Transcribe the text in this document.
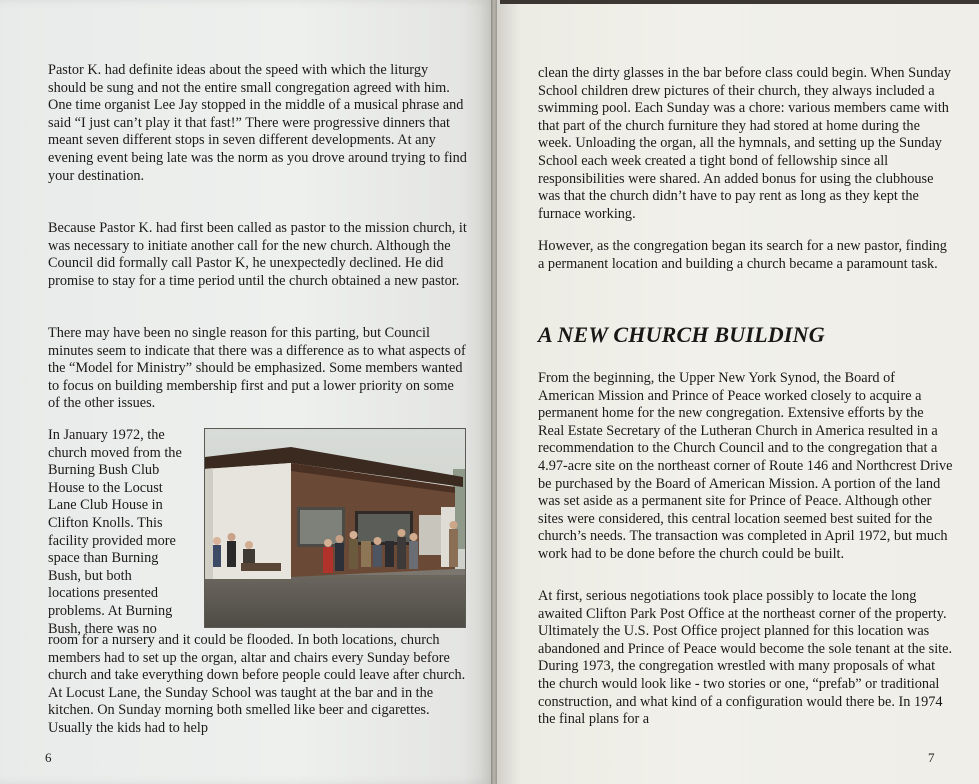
Pastor K. had definite ideas about the speed with which the liturgy should be sung and not the entire small congregation agreed with him. One time organist Lee Jay stopped in the middle of a musical phrase and said “I just can’t play it that fast!” There were progressive dinners that meant seven different stops in seven different developments. At any evening event being late was the norm as you drove around trying to find your destination.

Because Pastor K. had first been called as pastor to the mission church, it was necessary to initiate another call for the new church. Although the Council did formally call Pastor K, he unexpectedly declined. He did promise to stay for a time period until the church obtained a new pastor.

There may have been no single reason for this parting, but Council minutes seem to indicate that there was a difference as to what aspects of the “Model for Ministry” should be emphasized. Some members wanted to focus on building membership first and put a lower priority on some of the other issues.

In January 1972, the
church moved from the
Burning Bush Club
House to the Locust
Lane Club House in
Clifton Knolls. This
facility provided more
space than Burning
Bush, but both
locations presented
problems. At Burning
Bush, there was no

room for a nursery and it could be flooded. In both locations, church members had to set up the organ, altar and chairs every Sunday before church and take everything down before people could leave after church. At Locust Lane, the Sunday School was taught at the bar and in the kitchen. On Sunday morning both smelled like beer and cigarettes. Usually the kids had to help

6

clean the dirty glasses in the bar before class could begin. When Sunday School children drew pictures of their church, they always included a swimming pool. Each Sunday was a chore: various members came with that part of the church furniture they had stored at home during the week. Unloading the organ, all the hymnals, and setting up the Sunday School each week created a tight bond of fellowship since all responsibilities were shared. An added bonus for using the clubhouse was that the church didn’t have to pay rent as long as they kept the furnace working.

However, as the congregation began its search for a new pastor, finding a permanent location and building a church became a paramount task.

A NEW CHURCH BUILDING

From the beginning, the Upper New York Synod, the Board of American Mission and Prince of Peace worked closely to acquire a permanent home for the new congregation. Extensive efforts by the Real Estate Secretary of the Lutheran Church in America resulted in a recommendation to the Church Council and to the congregation that a 4.97-acre site on the northeast corner of Route 146 and Northcrest Drive be purchased by the Board of American Mission. A portion of the land was set aside as a permanent site for Prince of Peace. Although other sites were considered, this central location seemed best suited for the church’s needs. The transaction was completed in April 1972, but much work had to be done before the church could be built.

At first, serious negotiations took place possibly to locate the long awaited Clifton Park Post Office at the northeast corner of the property. Ultimately the U.S. Post Office project planned for this location was abandoned and Prince of Peace would become the sole tenant at the site. During 1973, the congregation wrestled with many proposals of what the church would look like - two stories or one, “prefab” or traditional construction, and what kind of a configuration would there be. In 1974 the final plans for a

7
